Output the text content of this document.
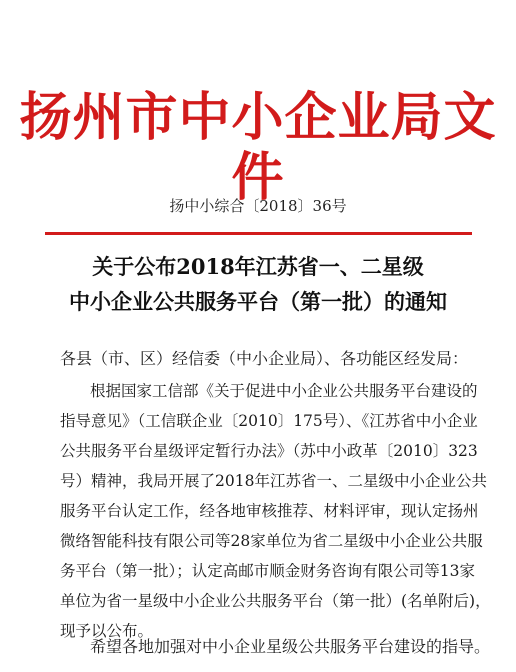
扬州市中小企业局文件
扬中小综合〔2018〕36号
关于公布2018年江苏省一、二星级
中小企业公共服务平台（第一批）的通知
各县（市、区）经信委（中小企业局）、各功能区经发局：
根据国家工信部《关于促进中小企业公共服务平台建设的
指导意见》（工信联企业〔2010〕175号）、《江苏省中小企业
公共服务平台星级评定暂行办法》（苏中小政革〔2010〕323
号）精神，我局开展了2018年江苏省一、二星级中小企业公共
服务平台认定工作，经各地审核推荐、材料评审，现认定扬州
微络智能科技有限公司等28家单位为省二星级中小企业公共服
务平台（第一批）；认定高邮市顺金财务咨询有限公司等13家
单位为省一星级中小企业公共服务平台（第一批）(名单附后)，
现予以公布。
希望各地加强对中小企业星级公共服务平台建设的指导。
